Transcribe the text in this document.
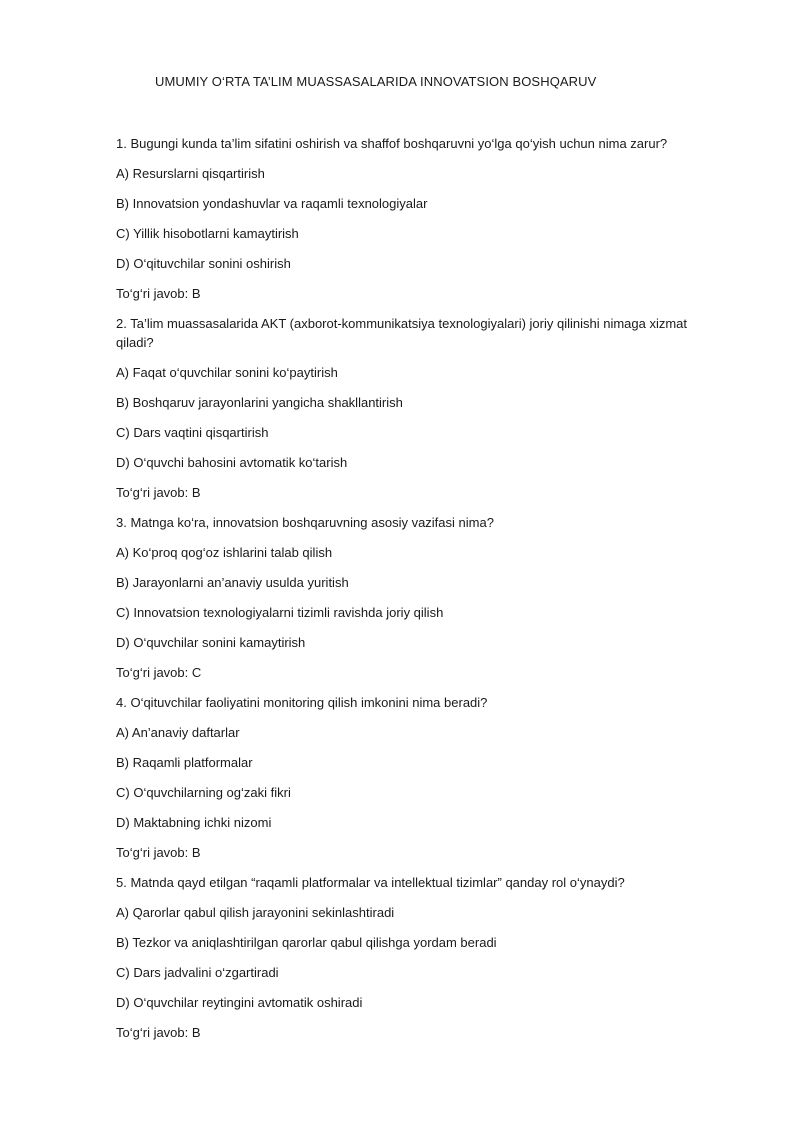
UMUMIY O‘RTA TA’LIM MUASSASALARIDA INNOVATSION BOSHQARUV

1. Bugungi kunda ta’lim sifatini oshirish va shaffof boshqaruvni yo‘lga qo‘yish uchun nima zarur?

A) Resurslarni qisqartirish

B) Innovatsion yondashuvlar va raqamli texnologiyalar

C) Yillik hisobotlarni kamaytirish

D) O‘qituvchilar sonini oshirish

To‘g‘ri javob: B

2. Ta’lim muassasalarida AKT (axborot-kommunikatsiya texnologiyalari) joriy qilinishi nimaga xizmat qiladi?

A) Faqat o‘quvchilar sonini ko‘paytirish

B) Boshqaruv jarayonlarini yangicha shakllantirish

C) Dars vaqtini qisqartirish

D) O‘quvchi bahosini avtomatik ko‘tarish

To‘g‘ri javob: B

3. Matnga ko‘ra, innovatsion boshqaruvning asosiy vazifasi nima?

A) Ko‘proq qog‘oz ishlarini talab qilish

B) Jarayonlarni an’anaviy usulda yuritish

C) Innovatsion texnologiyalarni tizimli ravishda joriy qilish

D) O‘quvchilar sonini kamaytirish

To‘g‘ri javob: C

4. O‘qituvchilar faoliyatini monitoring qilish imkonini nima beradi?

A) An’anaviy daftarlar

B) Raqamli platformalar

C) O‘quvchilarning og‘zaki fikri

D) Maktabning ichki nizomi

To‘g‘ri javob: B

5. Matnda qayd etilgan “raqamli platformalar va intellektual tizimlar” qanday rol o‘ynaydi?

A) Qarorlar qabul qilish jarayonini sekinlashtiradi

B) Tezkor va aniqlashtirilgan qarorlar qabul qilishga yordam beradi

C) Dars jadvalini o‘zgartiradi

D) O‘quvchilar reytingini avtomatik oshiradi

To‘g‘ri javob: B
